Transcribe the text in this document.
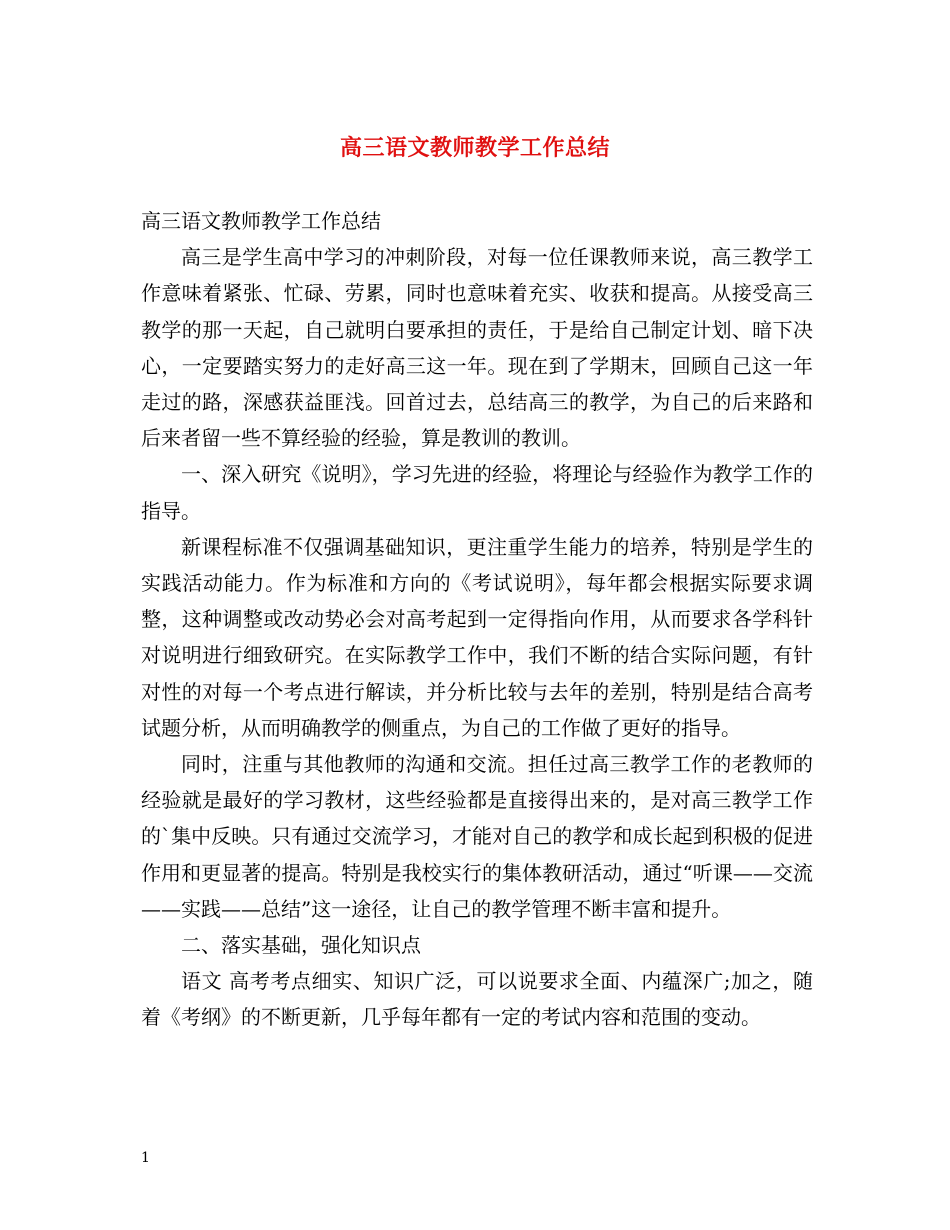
高三语文教师教学工作总结

高三语文教师教学工作总结

高三是学生高中学习的冲刺阶段，对每一位任课教师来说，高三教学工作意味着紧张、忙碌、劳累，同时也意味着充实、收获和提高。从接受高三教学的那一天起，自己就明白要承担的责任，于是给自己制定计划、暗下决心，一定要踏实努力的走好高三这一年。现在到了学期末，回顾自己这一年走过的路，深感获益匪浅。回首过去，总结高三的教学，为自己的后来路和后来者留一些不算经验的经验，算是教训的教训。

一、深入研究《说明》，学习先进的经验，将理论与经验作为教学工作的指导。

新课程标准不仅强调基础知识，更注重学生能力的培养，特别是学生的实践活动能力。作为标准和方向的《考试说明》，每年都会根据实际要求调整，这种调整或改动势必会对高考起到一定得指向作用，从而要求各学科针对说明进行细致研究。在实际教学工作中，我们不断的结合实际问题，有针对性的对每一个考点进行解读，并分析比较与去年的差别，特别是结合高考试题分析，从而明确教学的侧重点，为自己的工作做了更好的指导。

同时，注重与其他教师的沟通和交流。担任过高三教学工作的老教师的经验就是最好的学习教材，这些经验都是直接得出来的，是对高三教学工作的`集中反映。只有通过交流学习，才能对自己的教学和成长起到积极的促进作用和更显著的提高。特别是我校实行的集体教研活动，通过“听课——交流——实践——总结”这一途径，让自己的教学管理不断丰富和提升。

二、落实基础，强化知识点

语文 高考考点细实、知识广泛，可以说要求全面、内蕴深广;加之，随着《考纲》的不断更新，几乎每年都有一定的考试内容和范围的变动。

1
